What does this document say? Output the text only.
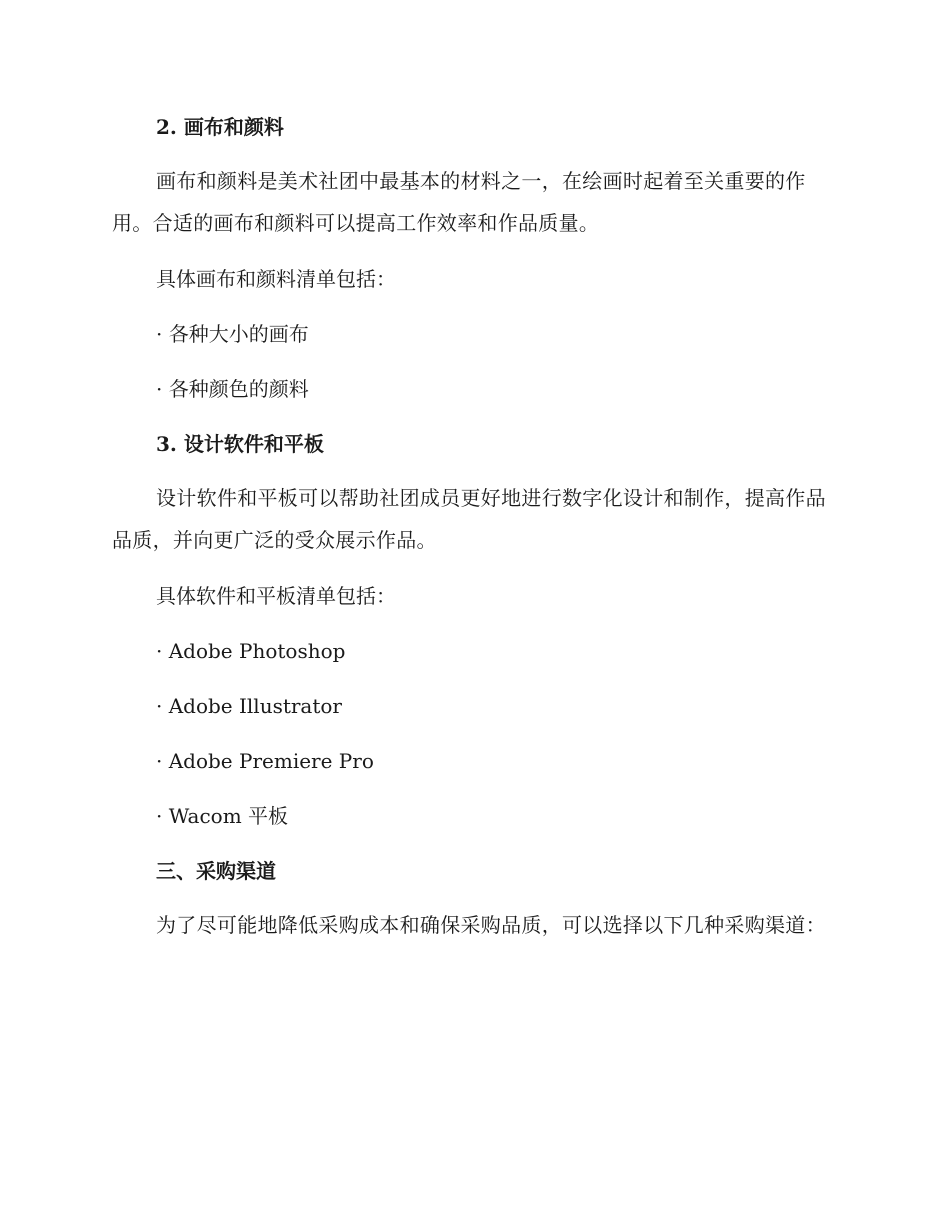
2. 画布和颜料

画布和颜料是美术社团中最基本的材料之一，在绘画时起着至关重要的作用。合适的画布和颜料可以提高工作效率和作品质量。

具体画布和颜料清单包括：
· 各种大小的画布
· 各种颜色的颜料
3. 设计软件和平板

设计软件和平板可以帮助社团成员更好地进行数字化设计和制作，提高作品品质，并向更广泛的受众展示作品。

具体软件和平板清单包括：
· Adobe Photoshop
· Adobe Illustrator
· Adobe Premiere Pro
· Wacom 平板
三、采购渠道

为了尽可能地降低采购成本和确保采购品质，可以选择以下几种采购渠道：
